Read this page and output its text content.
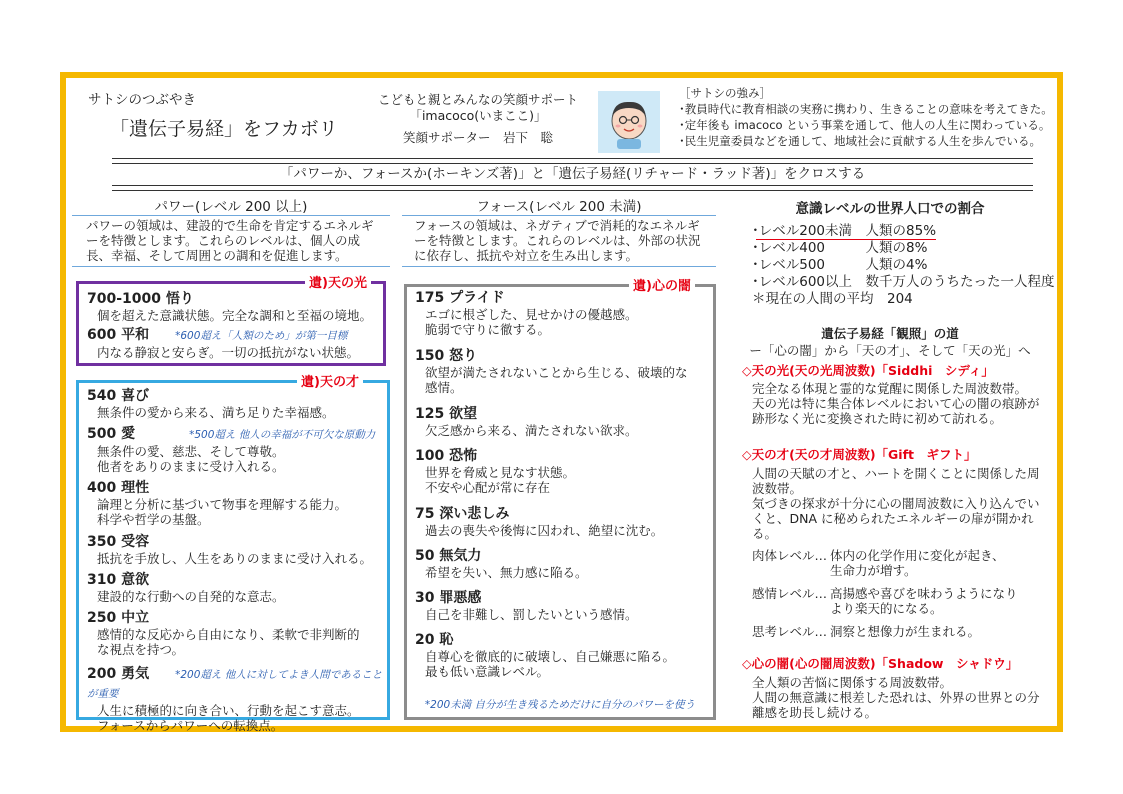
サトシのつぶやき
「遺伝子易経」をフカボリ
こどもと親とみんなの笑顔サポート
「imacoco(いまここ)」
笑顔サポーター　岩下　聡
［サトシの強み］
･教員時代に教育相談の実務に携わり、生きることの意味を考えてきた。
･定年後も imacoco という事業を通して、他人の人生に関わっている。
･民生児童委員などを通して、地域社会に貢献する人生を歩んでいる。
「パワーか、フォースか(ホーキンズ著)」と「遺伝子易経(リチャード・ラッド著)」をクロスする
パワー(レベル 200 以上)
パワーの領域は、建設的で生命を肯定するエネルギーを特徴とします。これらのレベルは、個人の成長、幸福、そして周囲との調和を促進します。
遺)天の光
700-1000 悟り
個を超えた意識状態。完全な調和と至福の境地。
600 平和 *600超え「人類のため」が第一目標
内なる静寂と安らぎ。一切の抵抗がない状態。
遺)天の才
540 喜び
無条件の愛から来る、満ち足りた幸福感。
500 愛	*500超え 他人の幸福が不可欠な原動力
無条件の愛、慈悲、そして尊敬。
他者をありのままに受け入れる。
400 理性
論理と分析に基づいて物事を理解する能力。
科学や哲学の基盤。
350 受容
抵抗を手放し、人生をありのままに受け入れる。
310 意欲
建設的な行動への自発的な意志。
250 中立
感情的な反応から自由になり、柔軟で非判断的
な視点を持つ。
200 勇気 *200超え 他人に対してよき人間であることが重要
人生に積極的に向き合い、行動を起こす意志。
フォースからパワーへの転換点。
フォース(レベル 200 未満)
フォースの領域は、ネガティブで消耗的なエネルギーを特徴とします。これらのレベルは、外部の状況に依存し、抵抗や対立を生み出します。
遺)心の闇
175 プライド
エゴに根ざした、見せかけの優越感。
脆弱で守りに徹する。
150 怒り
欲望が満たされないことから生じる、破壊的な
感情。
125 欲望
欠乏感から来る、満たされない欲求。
100 恐怖
世界を脅威と見なす状態。
不安や心配が常に存在
75 深い悲しみ
過去の喪失や後悔に囚われ、絶望に沈む。
50 無気力
希望を失い、無力感に陥る。
30 罪悪感
自己を非難し、罰したいという感情。
20 恥
自尊心を徹底的に破壊し、自己嫌悪に陥る。
最も低い意識レベル。
*200未満 自分が生き残るためだけに自分のパワーを使う
意識レベルの世界人口での割合
･レベル200未満　人類の85%
･レベル400　　　人類の8%
･レベル500　　　人類の4%
･レベル600以上　数千万人のうちたった一人程度
＊現在の人間の平均　204
遺伝子易経「観照」の道
ー「心の闇」から「天の才」、そして「天の光」へ
◇天の光(天の光周波数)「Siddhi　シディ」
完全なる体現と霊的な覚醒に関係した周波数帯。
天の光は特に集合体レベルにおいて心の闇の痕跡が跡形なく光に変換された時に初めて訪れる。
◇天の才(天の才周波数)「Gift　ギフト」
人間の天賦の才と、ハートを開くことに関係した周波数帯。
気づきの探求が十分に心の闇周波数に入り込んでいくと、DNA に秘められたエネルギーの扉が開かれる。
肉体レベル… 体内の化学作用に変化が起き、
生命力が増す。
感情レベル… 高揚感や喜びを味わうようになり
より楽天的になる。
思考レベル… 洞察と想像力が生まれる。
◇心の闇(心の闇周波数)「Shadow　シャドウ」
全人類の苦悩に関係する周波数帯。
人間の無意識に根差した恐れは、外界の世界との分離感を助長し続ける。
